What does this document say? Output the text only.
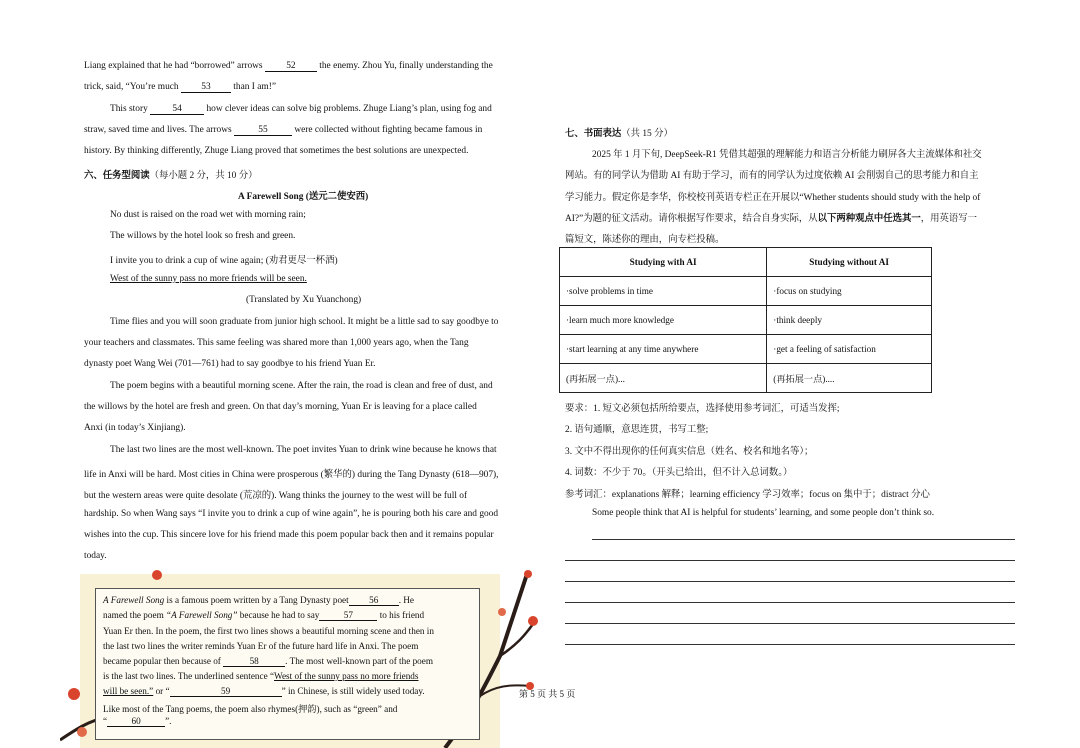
Liang explained that he had “borrowed” arrows	52	the enemy. Zhou Yu, finally understanding the
trick, said, “You’re much 53 than I am!”
This story	54	how clever ideas can solve big problems. Zhuge Liang’s plan, using fog and
straw, saved time and lives. The arrows	55	were collected without fighting became famous in
history. By thinking differently, Zhuge Liang proved that sometimes the best solutions are unexpected.
六、任务型阅读（每小题 2 分，共 10 分）
A Farewell Song (送元二使安西)
No dust is raised on the road wet with morning rain;
The willows by the hotel look so fresh and green.
I invite you to drink a cup of wine again; (劝君更尽一杯酒)
West of the sunny pass no more friends will be seen.
(Translated by Xu Yuanchong)
Time flies and you will soon graduate from junior high school. It might be a little sad to say goodbye to
your teachers and classmates. This same feeling was shared more than 1,000 years ago, when the Tang
dynasty poet Wang Wei (701—761) had to say goodbye to his friend Yuan Er.
The poem begins with a beautiful morning scene. After the rain, the road is clean and free of dust, and
the willows by the hotel are fresh and green. On that day’s morning, Yuan Er is leaving for a place called
Anxi (in today’s Xinjiang).
The last two lines are the most well-known. The poet invites Yuan to drink wine because he knows that
life in Anxi will be hard. Most cities in China were prosperous (繁华的) during the Tang Dynasty (618—907),
but the western areas were quite desolate (荒凉的). Wang thinks the journey to the west will be full of
hardship. So when Wang says “I invite you to drink a cup of wine again”, he is pouring both his care and good
wishes into the cup. This sincere love for his friend made this poem popular back then and it remains popular
today.
A Farewell Song is a famous poem written by a Tang Dynasty poet 56 . He
named the poem “A Farewell Song” because he had to say	57	to his friend
Yuan Er then. In the poem, the first two lines shows a beautiful morning scene and then in
the last two lines the writer reminds Yuan Er of the future hard life in Anxi. The poem
became popular then because of	58	. The most well-known part of the poem
is the last two lines. The underlined sentence “West of the sunny pass no more friends
will be seen.” or “	59	” in Chinese, is still widely used today.
Like most of the Tang poems, the poem also rhymes(押韵), such as “green” and
“	60	”.
七、书面表达（共 15 分）
2025 年 1 月下旬, DeepSeek-R1 凭借其超强的理解能力和语言分析能力刷屏各大主流媒体和社交
网站。有的同学认为借助 AI 有助于学习，而有的同学认为过度依赖 AI 会削弱自己的思考能力和自主
学习能力。假定你是李华，你校校刊英语专栏正在开展以“Whether students should study with the help of
AI?”为题的征文活动。请你根据写作要求，结合自身实际，从以下两种观点中任选其一，用英语写一
篇短文，陈述你的理由，向专栏投稿。
Studying with AI	Studying without AI
·solve problems in time	·focus on studying
·learn much more knowledge	·think deeply
·start learning at any time anywhere	·get a feeling of satisfaction
(再拓展一点)...	(再拓展一点)....
要求：1. 短文必须包括所给要点，选择使用参考词汇，可适当发挥;
2. 语句通顺，意思连贯，书写工整;
3. 文中不得出现你的任何真实信息（姓名、校名和地名等）；
4. 词数：不少于 70。（开头已给出，但不计入总词数。）
参考词汇：explanations 解释；learning efficiency 学习效率；focus on 集中于；distract 分心
Some people think that AI is helpful for students’ learning, and some people don’t think so.
第 5 页 共 5 页
